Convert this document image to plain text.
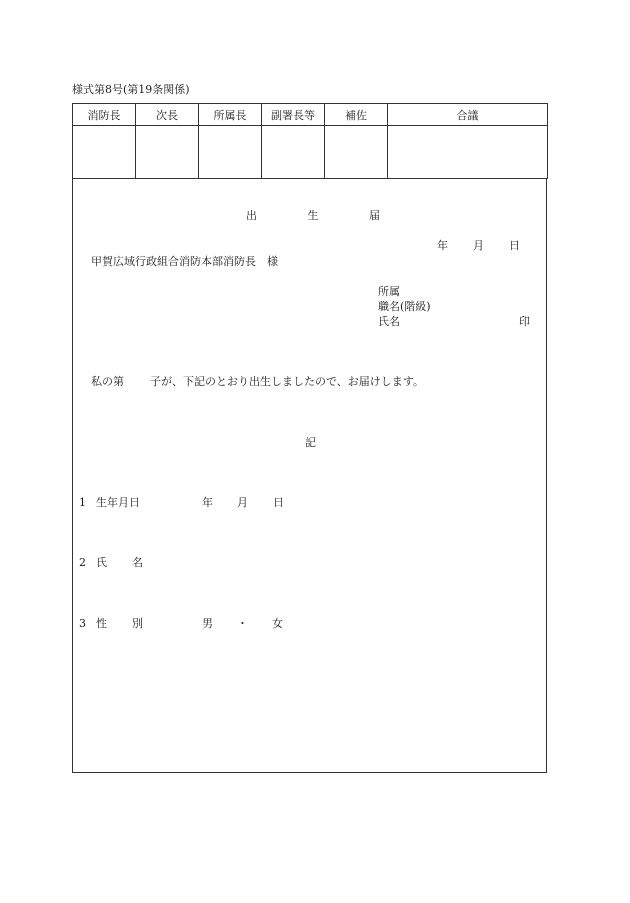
様式第8号(第19条関係)
消防長	次長	所属長	副署長等	補佐	合議

出	生	届
年 月 日
甲賀広域行政組合消防本部消防長　様
所属
職名(階級)
氏名	印
私の第 子が、下記のとおり出生しましたので、お届けします。
記
1 生年月日	年 月 日
2 氏 名
3 性 別	男 ・ 女
